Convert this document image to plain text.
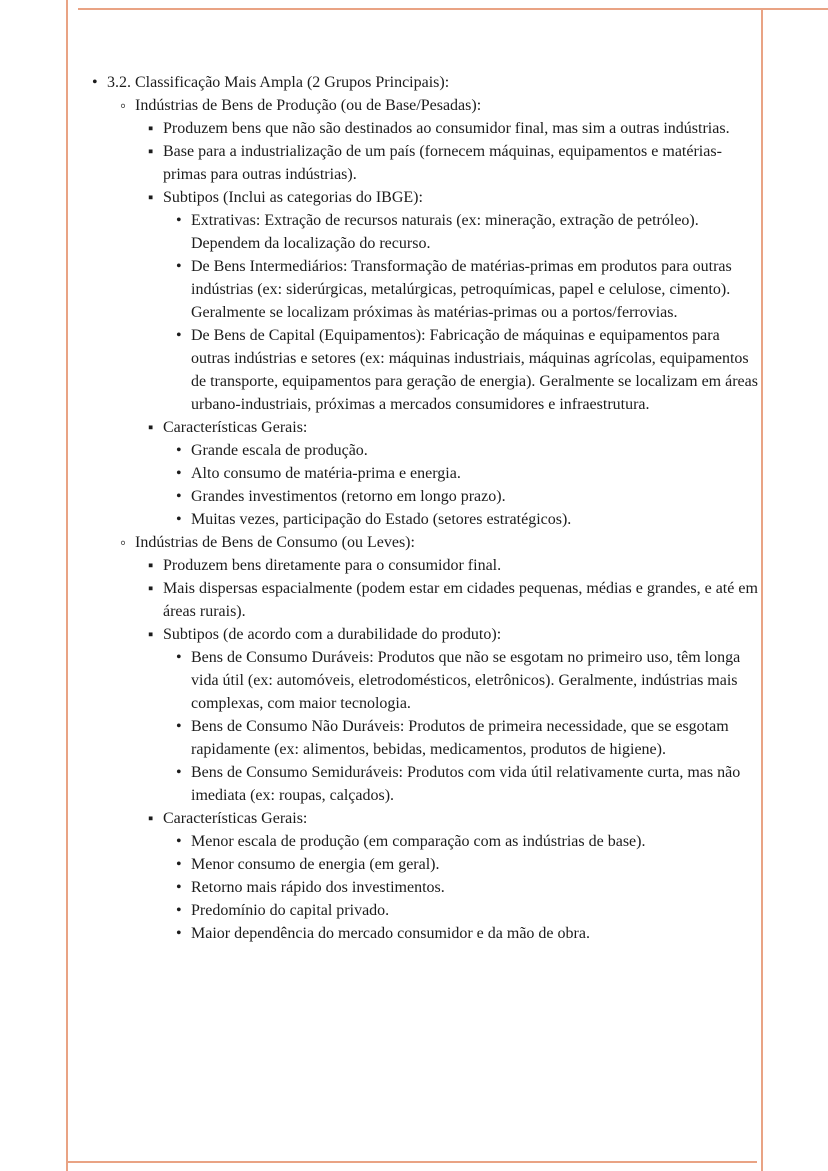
• 3.2. Classificação Mais Ampla (2 Grupos Principais):
◦ Indústrias de Bens de Produção (ou de Base/Pesadas):
▪ Produzem bens que não são destinados ao consumidor final, mas sim a outras indústrias.
▪ Base para a industrialização de um país (fornecem máquinas, equipamentos e matérias-primas para outras indústrias).
▪ Subtipos (Inclui as categorias do IBGE):
• Extrativas: Extração de recursos naturais (ex: mineração, extração de petróleo). Dependem da localização do recurso.
• De Bens Intermediários: Transformação de matérias-primas em produtos para outras indústrias (ex: siderúrgicas, metalúrgicas, petroquímicas, papel e celulose, cimento). Geralmente se localizam próximas às matérias-primas ou a portos/ferrovias.
• De Bens de Capital (Equipamentos): Fabricação de máquinas e equipamentos para outras indústrias e setores (ex: máquinas industriais, máquinas agrícolas, equipamentos de transporte, equipamentos para geração de energia). Geralmente se localizam em áreas urbano-industriais, próximas a mercados consumidores e infraestrutura.
▪ Características Gerais:
• Grande escala de produção.
• Alto consumo de matéria-prima e energia.
• Grandes investimentos (retorno em longo prazo).
• Muitas vezes, participação do Estado (setores estratégicos).
◦ Indústrias de Bens de Consumo (ou Leves):
▪ Produzem bens diretamente para o consumidor final.
▪ Mais dispersas espacialmente (podem estar em cidades pequenas, médias e grandes, e até em áreas rurais).
▪ Subtipos (de acordo com a durabilidade do produto):
• Bens de Consumo Duráveis: Produtos que não se esgotam no primeiro uso, têm longa vida útil (ex: automóveis, eletrodomésticos, eletrônicos). Geralmente, indústrias mais complexas, com maior tecnologia.
• Bens de Consumo Não Duráveis: Produtos de primeira necessidade, que se esgotam rapidamente (ex: alimentos, bebidas, medicamentos, produtos de higiene).
• Bens de Consumo Semiduráveis: Produtos com vida útil relativamente curta, mas não imediata (ex: roupas, calçados).
▪ Características Gerais:
• Menor escala de produção (em comparação com as indústrias de base).
• Menor consumo de energia (em geral).
• Retorno mais rápido dos investimentos.
• Predomínio do capital privado.
• Maior dependência do mercado consumidor e da mão de obra.
